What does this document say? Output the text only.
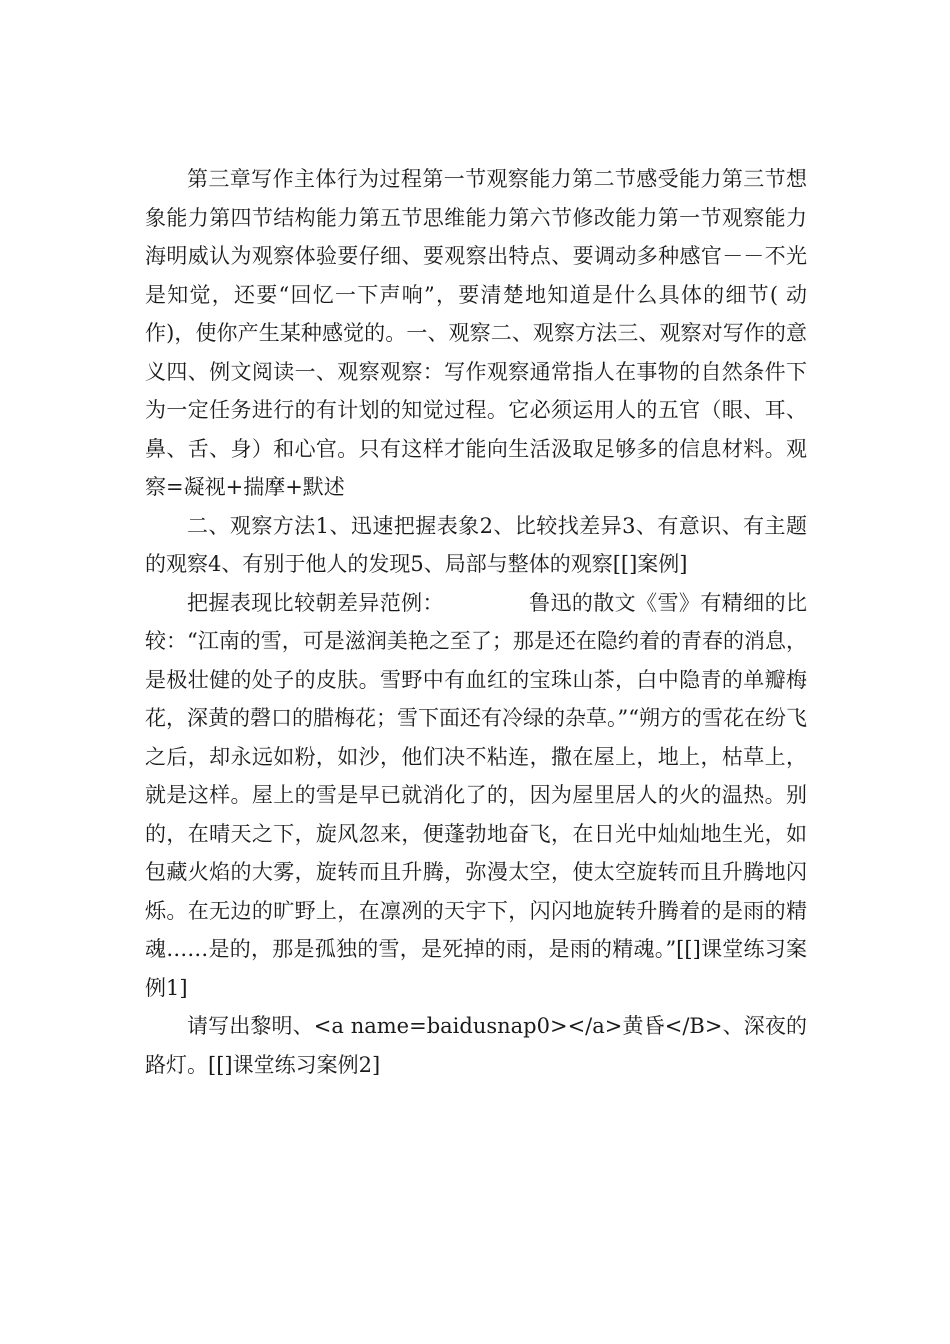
第三章写作主体行为过程第一节观察能力第二节感受能力第三节想象能力第四节结构能力第五节思维能力第六节修改能力第一节观察能力海明威认为观察体验要仔细、要观察出特点、要调动多种感官－－不光是知觉，还要“回忆一下声响”，要清楚地知道是什么具体的细节( 动作)，使你产生某种感觉的。一、观察二、观察方法三、观察对写作的意义四、例文阅读一、观察观察：写作观察通常指人在事物的自然条件下为一定任务进行的有计划的知觉过程。它必须运用人的五官（眼、耳、鼻、舌、身）和心官。只有这样才能向生活汲取足够多的信息材料。观察=凝视+揣摩+默述

二、观察方法1、迅速把握表象2、比较找差异3、有意识、有主题的观察4、有别于他人的发现5、局部与整体的观察[[]案例]

把握表现比较朝差异范例：            鲁迅的散文《雪》有精细的比较：“江南的雪，可是滋润美艳之至了；那是还在隐约着的青春的消息，是极壮健的处子的皮肤。雪野中有血红的宝珠山茶，白中隐青的单瓣梅花，深黄的磬口的腊梅花；雪下面还有冷绿的杂草。”“朔方的雪花在纷飞之后，却永远如粉，如沙，他们决不粘连，撒在屋上，地上，枯草上，就是这样。屋上的雪是早已就消化了的，因为屋里居人的火的温热。别的，在晴天之下，旋风忽来，便蓬勃地奋飞，在日光中灿灿地生光，如包藏火焰的大雾，旋转而且升腾，弥漫太空，使太空旋转而且升腾地闪烁。在无边的旷野上，在凛冽的天宇下，闪闪地旋转升腾着的是雨的精魂……是的，那是孤独的雪，是死掉的雨，是雨的精魂。”[[]课堂练习案例1]

请写出黎明、<a name=baidusnap0></a>黄昏</B>、深夜的路灯。[[]课堂练习案例2]
